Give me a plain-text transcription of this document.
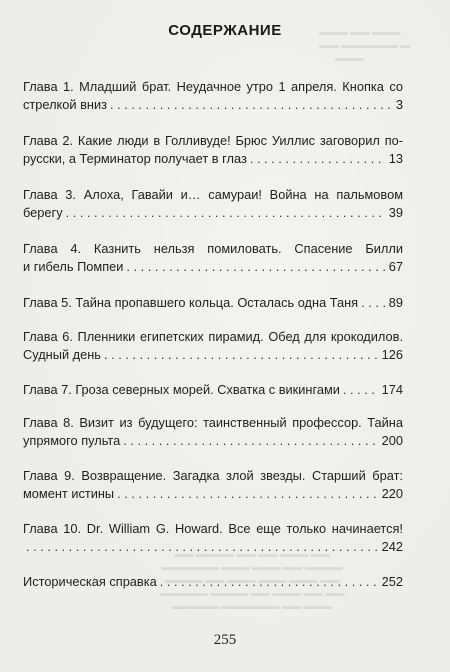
▬▬▬ ▬▬ ▬▬▬
▬▬ ▬▬▬▬▬▬ ▬
▬▬▬
▬▬ ▬▬▬▬ ▬▬ ▬▬ ▬▬▬ ▬▬
▬▬▬▬▬▬ ▬▬▬ ▬▬▬ ▬▬ ▬▬▬▬
▬▬▬▬ ▬▬ ▬▬▬ ▬▬▬ ▬▬▬ ▬▬
▬▬▬▬▬ ▬▬▬▬ ▬▬ ▬▬▬ ▬▬ ▬▬
▬▬▬▬▬ ▬▬▬▬▬▬ ▬▬ ▬▬▬
СОДЕРЖАНИЕ
Глава 1. Младший брат. Неудачное утро 1 апреля. Кнопка со
стрелкой вниз . . .	3
Глава 2. Какие люди в Голливуде! Брюс Уиллис заговорил по-
русски, а Терминатор получает в глаз . . .	13
Глава 3. Алоха, Гавайи и… самураи! Война на пальмовом
берегу . . .	39
Глава 4. Казнить нельзя помиловать. Спасение Билли
и гибель Помпеи . . .	67
Глава 5. Тайна пропавшего кольца. Осталась одна Таня . . . 89
Глава 6. Пленники египетских пирамид. Обед для крокодилов.
Судный день . . .	126
Глава 7. Гроза северных морей. Схватка с викингами . . .	174
Глава 8. Визит из будущего: таинственный профессор. Тайна
упрямого пульта . . .	200
Глава 9. Возвращение. Загадка злой звезды. Старший брат:
момент истины . . .	220
Глава 10. Dr. William G. Howard. Все еще только начинается!
. . .
242
Историческая справка . . .	252
255
